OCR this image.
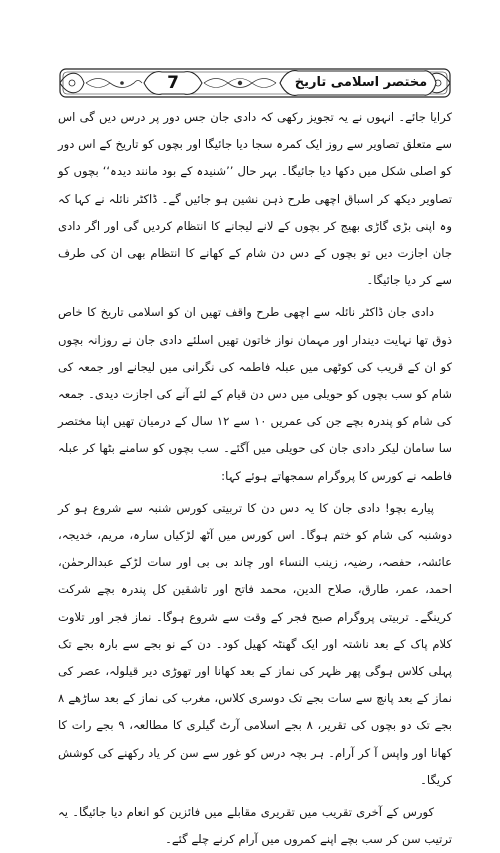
7	مختصر اسلامی تاریخ

کرایا جائے۔ انہوں نے یہ تجویز رکھی کہ دادی جان جس دور پر درس دیں گی اس سے متعلق تصاویر سے روز ایک کمرہ سجا دیا جائیگا اور بچوں کو تاریخ کے اس دور کو اصلی شکل میں دکھا دیا جائیگا۔ بہر حال ’’شنیدہ کے بود مانند دیدہ‘‘ بچوں کو تصاویر دیکھ کر اسباق اچھی طرح ذہن نشین ہو جائیں گے۔ ڈاکٹر نائلہ نے کہا کہ وہ اپنی بڑی گاڑی بھیج کر بچوں کے لانے لیجانے کا انتظام کردیں گی اور اگر دادی جان اجازت دیں تو بچوں کے دس دن شام کے کھانے کا انتظام بھی ان کی طرف سے کر دیا جائیگا۔

دادی جان ڈاکٹر نائلہ سے اچھی طرح واقف تھیں ان کو اسلامی تاریخ کا خاص ذوق تھا نہایت دیندار اور مہمان نواز خاتون تھیں اسلئے دادی جان نے روزانہ بچوں کو ان کے قریب کی کوٹھی میں عبلہ فاطمہ کی نگرانی میں لیجانے اور جمعہ کی شام کو سب بچوں کو حویلی میں دس دن قیام کے لئے آنے کی اجازت دیدی۔ جمعہ کی شام کو پندرہ بچے جن کی عمریں ۱۰ سے ۱۲ سال کے درمیان تھیں اپنا مختصر سا سامان لیکر دادی جان کی حویلی میں آگئے۔ سب بچوں کو سامنے بٹھا کر عبلہ فاطمہ نے کورس کا پروگرام سمجھاتے ہوئے کہا:

پیارے بچو! دادی جان کا یہ دس دن کا تربیتی کورس شنبہ سے شروع ہو کر دوشنبہ کی شام کو ختم ہوگا۔ اس کورس میں آٹھ لڑکیاں سارہ، مریم، خدیجہ، عائشہ، حفصہ، رضیہ، زینب النساء اور چاند بی بی اور سات لڑکے عبدالرحمٰن، احمد، عمر، طارق، صلاح الدین، محمد فاتح اور تاشقین کل پندرہ بچے شرکت کرینگے۔ تربیتی پروگرام صبح فجر کے وقت سے شروع ہوگا۔ نماز فجر اور تلاوت کلام پاک کے بعد ناشتہ اور ایک گھنٹہ کھیل کود۔ دن کے نو بجے سے بارہ بجے تک پہلی کلاس ہوگی پھر ظہر کی نماز کے بعد کھانا اور تھوڑی دیر قیلولہ، عصر کی نماز کے بعد پانچ سے سات بجے تک دوسری کلاس، مغرب کی نماز کے بعد ساڑھے ۸ بجے تک دو بچوں کی تقریر، ۸ بجے اسلامی آرٹ گیلری کا مطالعہ، ۹ بجے رات کا کھانا اور واپس آ کر آرام۔ ہر بچہ درس کو غور سے سن کر یاد رکھنے کی کوشش کریگا۔

کورس کے آخری تقریب میں تقریری مقابلے میں فائزین کو انعام دیا جائیگا۔ یہ ترتیب سن کر سب بچے اپنے کمروں میں آرام کرنے چلے گئے۔
